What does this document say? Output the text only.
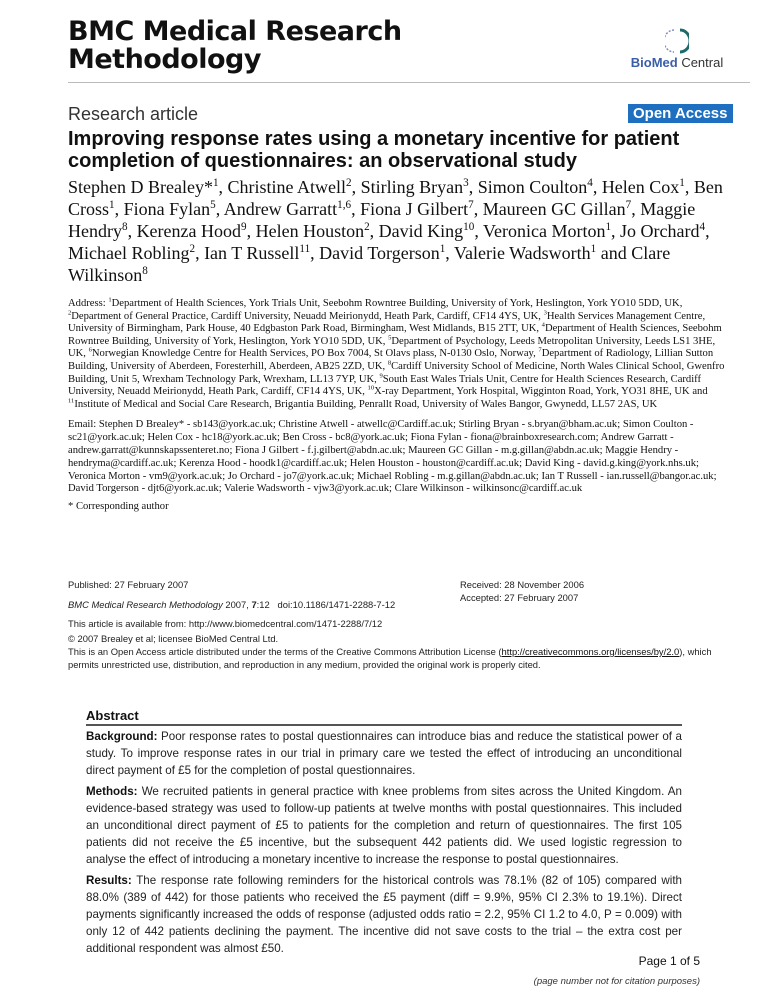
BMC Medical Research Methodology	BioMed Central
Research article	Open Access
Improving response rates using a monetary incentive for patient completion of questionnaires: an observational study
Stephen D Brealey*$^1$, Christine Atwell$^2$, Stirling Bryan$^3$, Simon Coulton$^4$, Helen Cox$^1$, Ben Cross$^1$, Fiona Fylan$^5$, Andrew Garratt$^{1,6}$, Fiona J Gilbert$^7$, Maureen GC Gillan$^7$, Maggie Hendry$^8$, Kerenza Hood$^9$, Helen Houston$^2$, David King$^{10}$, Veronica Morton$^1$, Jo Orchard$^4$, Michael Robling$^2$, Ian T Russell$^{11}$, David Torgerson$^1$, Valerie Wadsworth$^1$ and Clare Wilkinson$^8$
Address: $^1$Department of Health Sciences, York Trials Unit, Seebohm Rowntree Building, University of York, Heslington, York YO10 5DD, UK, $^2$Department of General Practice, Cardiff University, Neuadd Meirionydd, Heath Park, Cardiff, CF14 4YS, UK, $^3$Health Services Management Centre, University of Birmingham, Park House, 40 Edgbaston Park Road, Birmingham, West Midlands, B15 2TT, UK, $^4$Department of Health Sciences, Seebohm Rowntree Building, University of York, Heslington, York YO10 5DD, UK, $^5$Department of Psychology, Leeds Metropolitan University, Leeds LS1 3HE, UK, $^6$Norwegian Knowledge Centre for Health Services, PO Box 7004, St Olavs plass, N-0130 Oslo, Norway, $^7$Department of Radiology, Lillian Sutton Building, University of Aberdeen, Foresterhill, Aberdeen, AB25 2ZD, UK, $^8$Cardiff University School of Medicine, North Wales Clinical School, Gwenfro Building, Unit 5, Wrexham Technology Park, Wrexham, LL13 7YP, UK, $^9$South East Wales Trials Unit, Centre for Health Sciences Research, Cardiff University, Neuadd Meirionydd, Heath Park, Cardiff, CF14 4YS, UK, $^{10}$X-ray Department, York Hospital, Wigginton Road, York, YO31 8HE, UK and $^{11}$Institute of Medical and Social Care Research, Brigantia Building, Penrallt Road, University of Wales Bangor, Gwynedd, LL57 2AS, UK
Email: Stephen D Brealey* - sb143@york.ac.uk; Christine Atwell - atwellc@Cardiff.ac.uk; Stirling Bryan - s.bryan@bham.ac.uk; Simon Coulton - sc21@york.ac.uk; Helen Cox - hc18@york.ac.uk; Ben Cross - bc8@york.ac.uk; Fiona Fylan - fiona@brainboxresearch.com; Andrew Garratt - andrew.garratt@kunnskapssenteret.no; Fiona J Gilbert - f.j.gilbert@abdn.ac.uk; Maureen GC Gillan - m.g.gillan@abdn.ac.uk; Maggie Hendry - hendryma@cardiff.ac.uk; Kerenza Hood - hoodk1@cardiff.ac.uk; Helen Houston - houston@cardiff.ac.uk; David King - david.g.king@york.nhs.uk; Veronica Morton - vm9@york.ac.uk; Jo Orchard - jo7@york.ac.uk; Michael Robling - m.g.gillan@abdn.ac.uk; Ian T Russell - ian.russell@bangor.ac.uk; David Torgerson - djt6@york.ac.uk; Valerie Wadsworth - vjw3@york.ac.uk; Clare Wilkinson - wilkinsonc@cardiff.ac.uk
* Corresponding author
Published: 27 February 2007
BMC Medical Research Methodology 2007, 7:12 doi:10.1186/1471-2288-7-12
This article is available from: http://www.biomedcentral.com/1471-2288/7/12
Received: 28 November 2006
Accepted: 27 February 2007
© 2007 Brealey et al; licensee BioMed Central Ltd.
This is an Open Access article distributed under the terms of the Creative Commons Attribution License (http://creativecommons.org/licenses/by/2.0), which permits unrestricted use, distribution, and reproduction in any medium, provided the original work is properly cited.
Abstract

Background: Poor response rates to postal questionnaires can introduce bias and reduce the statistical power of a study. To improve response rates in our trial in primary care we tested the effect of introducing an unconditional direct payment of £5 for the completion of postal questionnaires.

Methods: We recruited patients in general practice with knee problems from sites across the United Kingdom. An evidence-based strategy was used to follow-up patients at twelve months with postal questionnaires. This included an unconditional direct payment of £5 to patients for the completion and return of questionnaires. The first 105 patients did not receive the £5 incentive, but the subsequent 442 patients did. We used logistic regression to analyse the effect of introducing a monetary incentive to increase the response to postal questionnaires.

Results: The response rate following reminders for the historical controls was 78.1% (82 of 105) compared with 88.0% (389 of 442) for those patients who received the £5 payment (diff = 9.9%, 95% CI 2.3% to 19.1%). Direct payments significantly increased the odds of response (adjusted odds ratio = 2.2, 95% CI 1.2 to 4.0, P = 0.009) with only 12 of 442 patients declining the payment. The incentive did not save costs to the trial – the extra cost per additional respondent was almost £50.

Page 1 of 5
(page number not for citation purposes)
